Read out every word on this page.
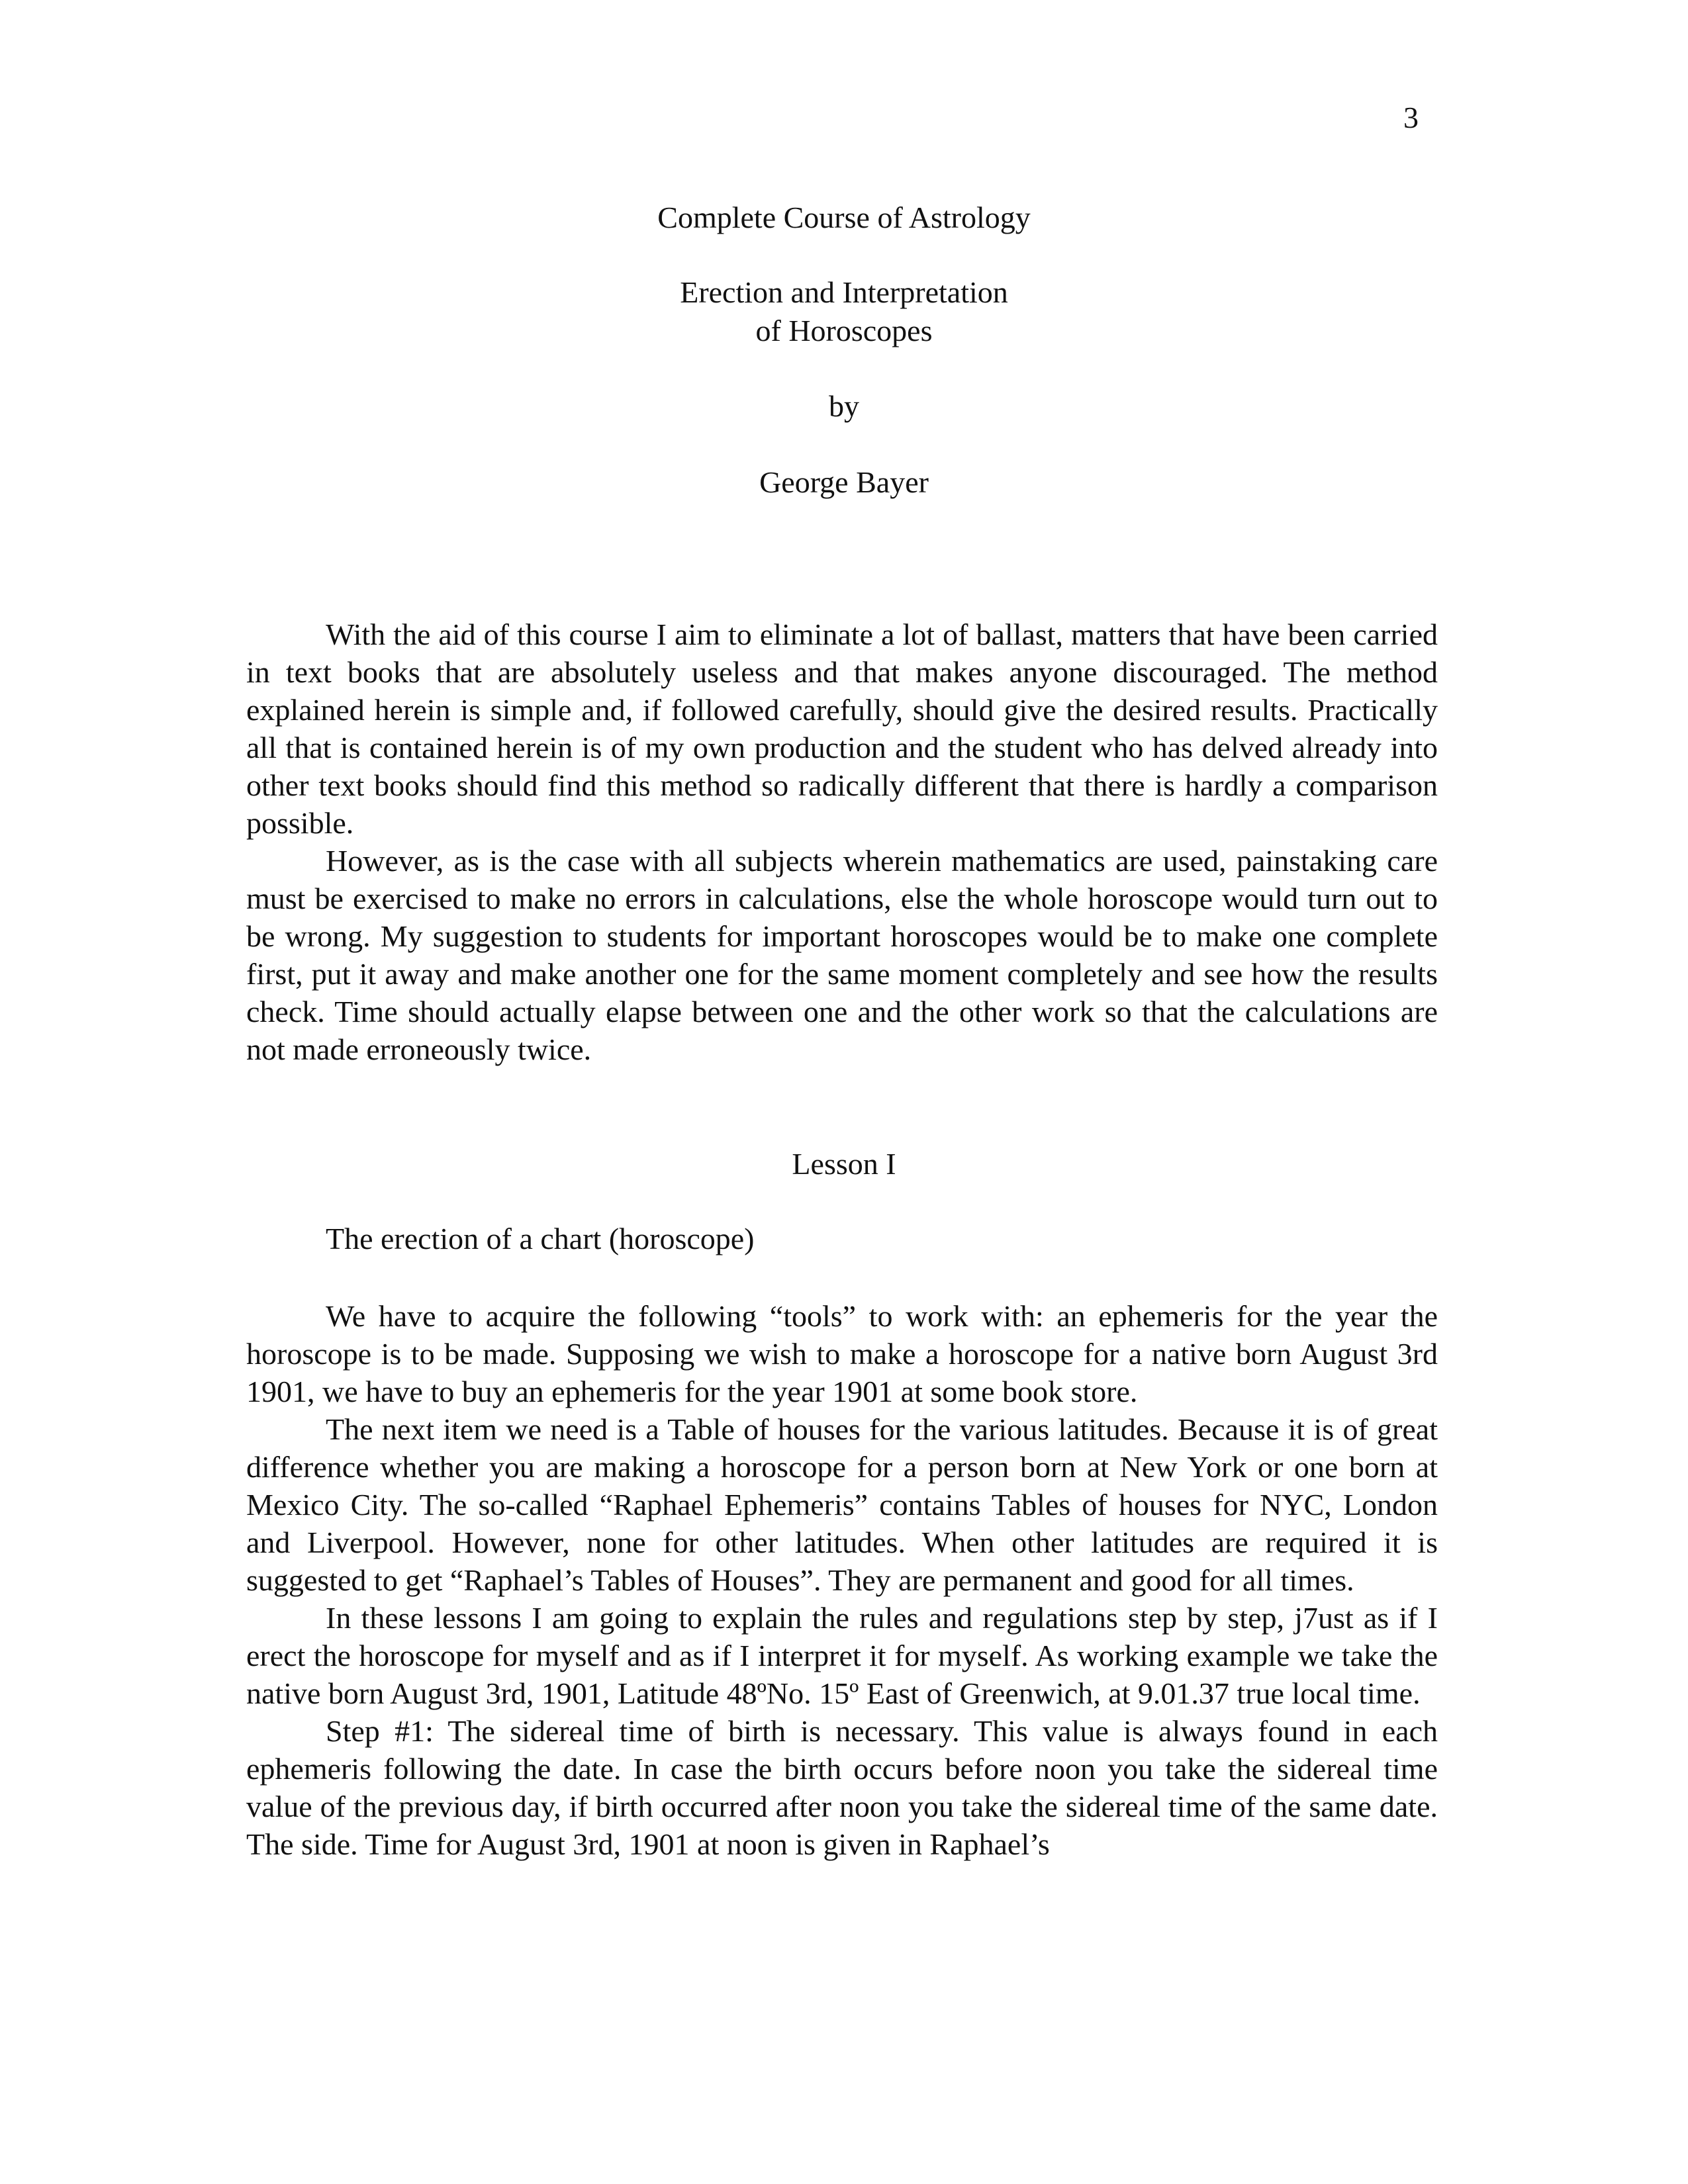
3
Complete Course of Astrology
Erection and Interpretation
of Horoscopes
by
George Bayer

With the aid of this course I aim to eliminate a lot of ballast, matters that have been carried in text books that are absolutely useless and that makes anyone discouraged. The method explained herein is simple and, if followed carefully, should give the desired results. Practically all that is contained herein is of my own production and the student who has delved already into other text books should find this method so radically different that there is hardly a comparison possible.

However, as is the case with all subjects wherein mathematics are used, painstaking care must be exercised to make no errors in calculations, else the whole horoscope would turn out to be wrong. My suggestion to students for important horoscopes would be to make one complete first, put it away and make another one for the same moment completely and see how the results check. Time should actually elapse between one and the other work so that the calculations are not made erroneously twice.

Lesson I
The erection of a chart (horoscope)

We have to acquire the following “tools” to work with: an ephemeris for the year the horoscope is to be made. Supposing we wish to make a horoscope for a native born August 3rd 1901, we have to buy an ephemeris for the year 1901 at some book store.

The next item we need is a Table of houses for the various latitudes. Because it is of great difference whether you are making a horoscope for a person born at New York or one born at Mexico City. The so-called “Raphael Ephemeris” contains Tables of houses for NYC, London and Liverpool. However, none for other latitudes. When other latitudes are required it is suggested to get “Raphael’s Tables of Houses”. They are permanent and good for all times.

In these lessons I am going to explain the rules and regulations step by step, j7ust as if I erect the horoscope for myself and as if I interpret it for myself. As working example we take the native born August 3rd, 1901, Latitude 48ºNo. 15º East of Greenwich, at 9.01.37 true local time.

Step #1: The sidereal time of birth is necessary. This value is always found in each ephemeris following the date. In case the birth occurs before noon you take the sidereal time value of the previous day, if birth occurred after noon you take the sidereal time of the same date. The side. Time for August 3rd, 1901 at noon is given in Raphael’s
